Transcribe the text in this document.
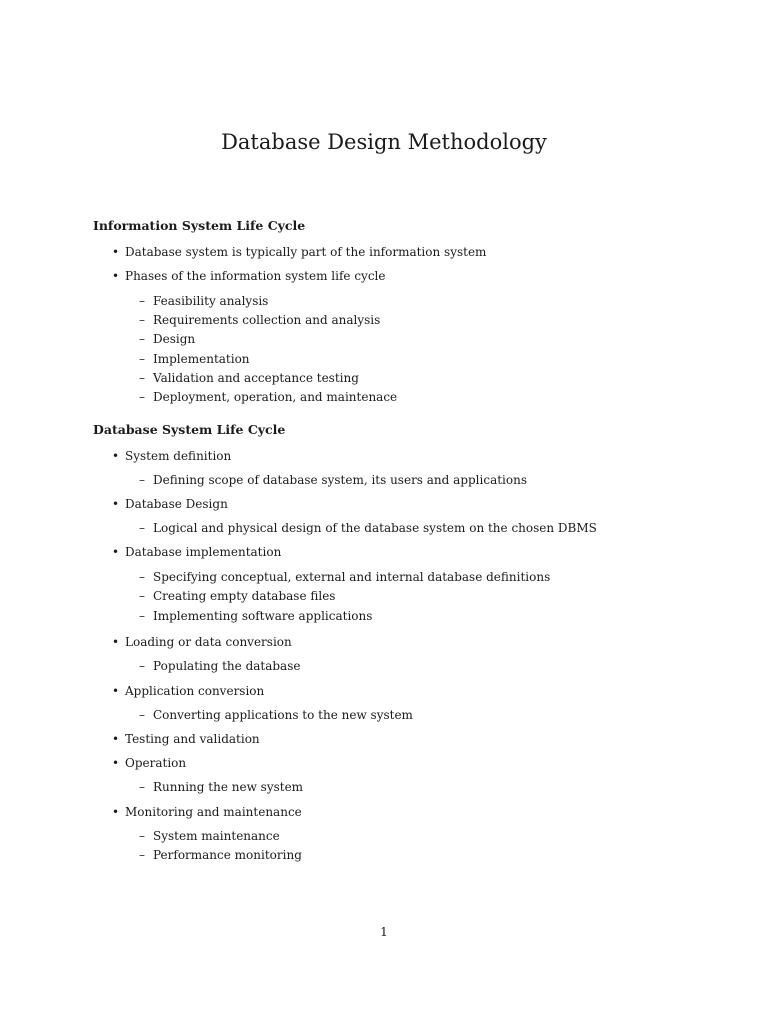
Database Design Methodology
Information System Life Cycle
• Database system is typically part of the information system
• Phases of the information system life cycle
– Feasibility analysis
– Requirements collection and analysis
– Design
– Implementation
– Validation and acceptance testing
– Deployment, operation, and maintenace
Database System Life Cycle
• System definition
– Defining scope of database system, its users and applications
• Database Design
– Logical and physical design of the database system on the chosen DBMS
• Database implementation
– Specifying conceptual, external and internal database definitions
– Creating empty database files
– Implementing software applications
• Loading or data conversion
– Populating the database
• Application conversion
– Converting applications to the new system
• Testing and validation
• Operation
– Running the new system
• Monitoring and maintenance
– System maintenance
– Performance monitoring
1
